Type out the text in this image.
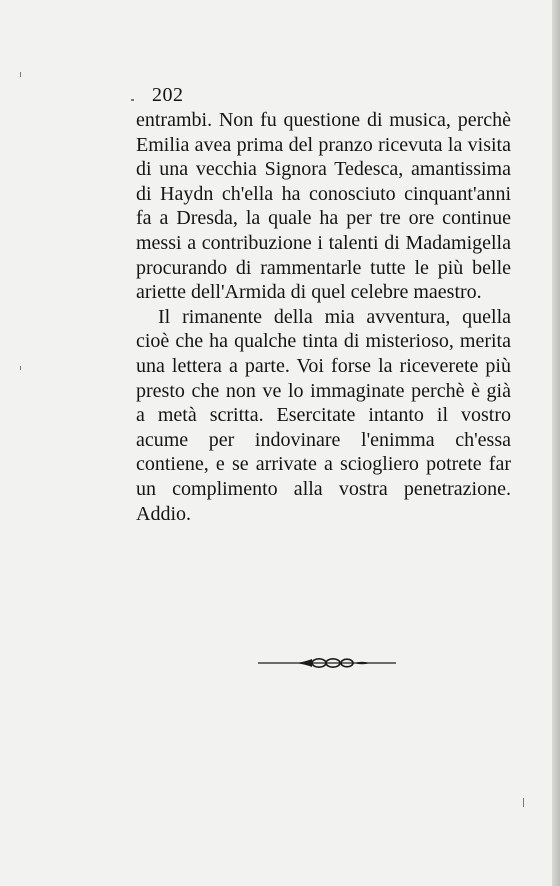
202

entrambi. Non fu questione di musica, perchè Emilia avea prima del pranzo ricevuta la visita di una vecchia Signora Tedesca, amantissima di Haydn ch'ella ha conosciuto cinquant'anni fa a Dresda, la quale ha per tre ore continue messi a contribuzione i talenti di Madamigella procurando di rammentarle tutte le più belle ariette dell'Armida di quel celebre maestro.

Il rimanente della mia avventura, quella cioè che ha qualche tinta di misterioso, merita una lettera a parte. Voi forse la riceverete più presto che non ve lo immaginate perchè è già a metà scritta. Esercitate intanto il vostro acume per indovinare l'enimma ch'essa contiene, e se arrivate a sciogliero potrete far un complimento alla vostra penetrazione. Addio.
